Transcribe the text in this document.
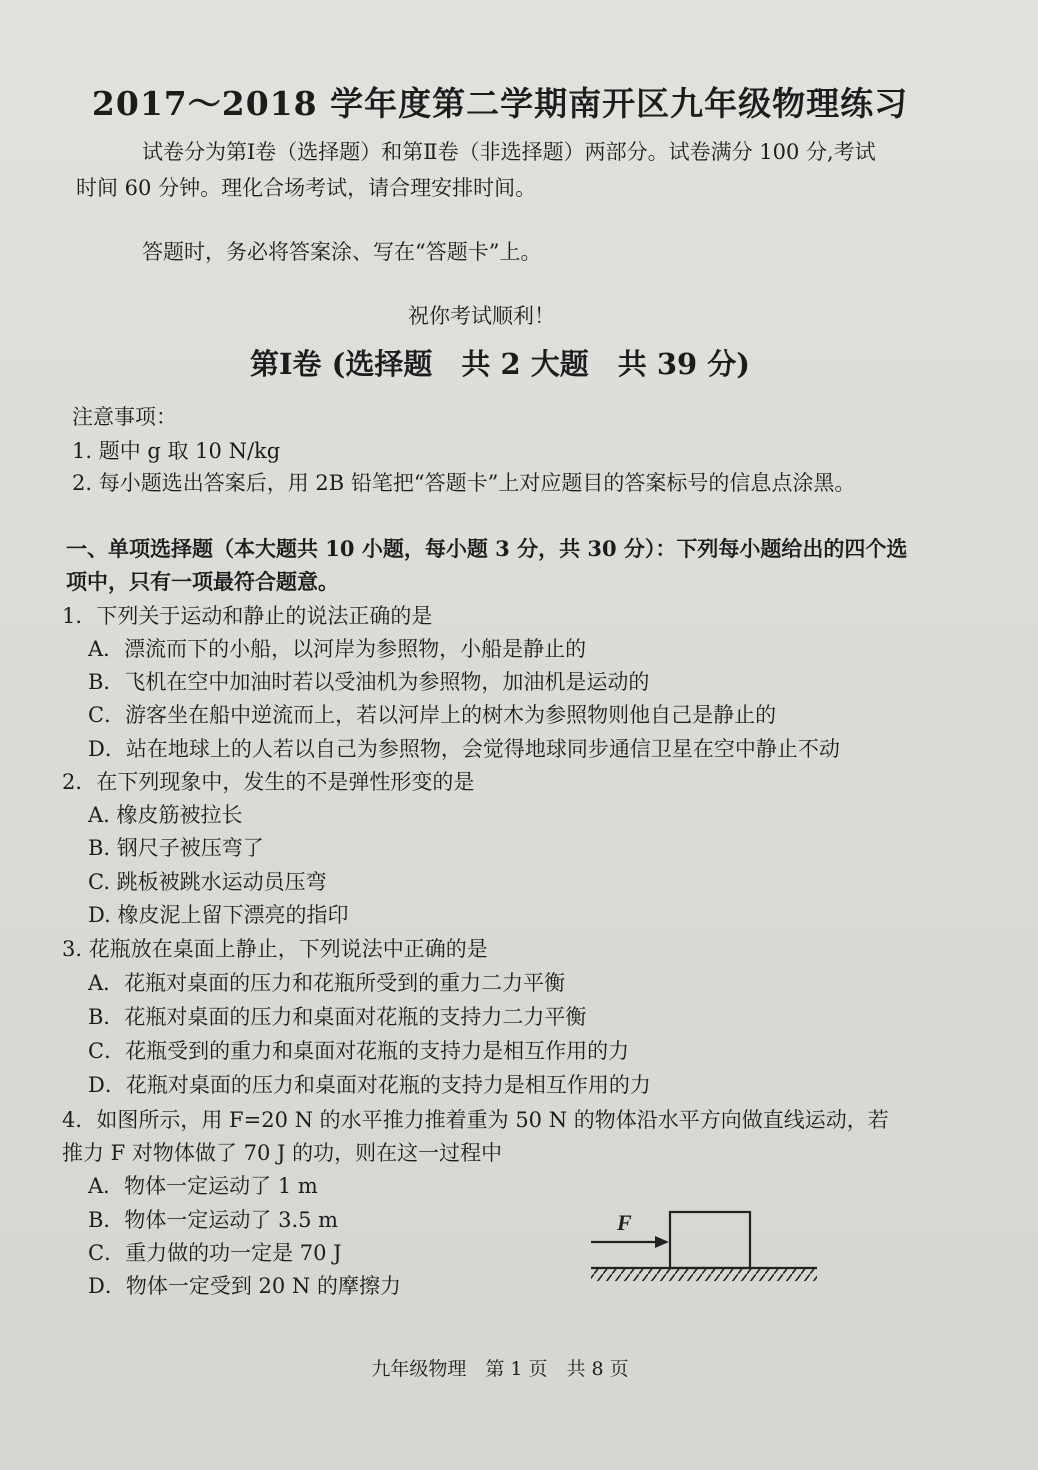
2017～2018 学年度第二学期南开区九年级物理练习
试卷分为第Ⅰ卷（选择题）和第Ⅱ卷（非选择题）两部分。试卷满分 100 分,考试
时间 60 分钟。理化合场考试，请合理安排时间。
答题时，务必将答案涂、写在“答题卡”上。
祝你考试顺利！
第Ⅰ卷 (选择题　共 2 大题　共 39 分)
注意事项：
1. 题中 g 取 10 N/kg
2. 每小题选出答案后，用 2B 铅笔把“答题卡”上对应题目的答案标号的信息点涂黑。
一、单项选择题（本大题共 10 小题，每小题 3 分，共 30 分）：下列每小题给出的四个选
项中，只有一项最符合题意。
1．下列关于运动和静止的说法正确的是
A．漂流而下的小船，以河岸为参照物，小船是静止的
B．飞机在空中加油时若以受油机为参照物，加油机是运动的
C．游客坐在船中逆流而上，若以河岸上的树木为参照物则他自己是静止的
D．站在地球上的人若以自己为参照物，会觉得地球同步通信卫星在空中静止不动
2．在下列现象中，发生的不是弹性形变的是
A. 橡皮筋被拉长
B. 钢尺子被压弯了
C. 跳板被跳水运动员压弯
D. 橡皮泥上留下漂亮的指印
3. 花瓶放在桌面上静止，下列说法中正确的是
A．花瓶对桌面的压力和花瓶所受到的重力二力平衡
B．花瓶对桌面的压力和桌面对花瓶的支持力二力平衡
C．花瓶受到的重力和桌面对花瓶的支持力是相互作用的力
D．花瓶对桌面的压力和桌面对花瓶的支持力是相互作用的力
4．如图所示，用 F=20 N 的水平推力推着重为 50 N 的物体沿水平方向做直线运动，若
推力 F 对物体做了 70 J 的功，则在这一过程中
A．物体一定运动了 1 m
B．物体一定运动了 3.5 m
C．重力做的功一定是 70 J
D．物体一定受到 20 N 的摩擦力
F
九年级物理　第 1 页　共 8 页
